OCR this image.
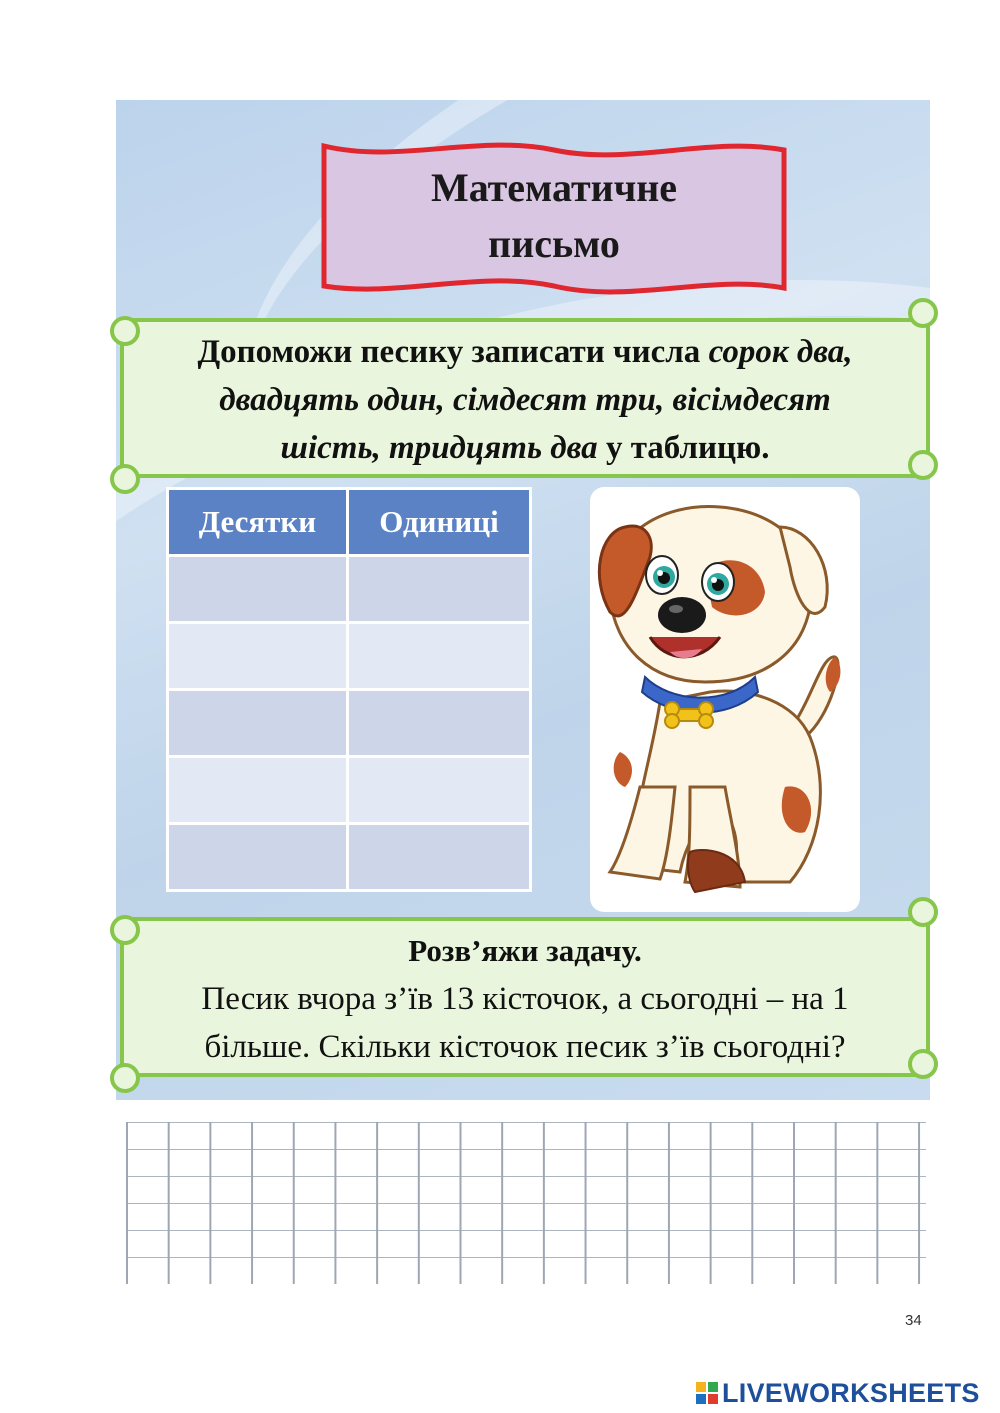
Математичне
письмо
Допоможи песику записати числа сорок два,
двадцять один, сімдесят три, вісімдесят
шість, тридцять два у таблицю.
Десятки	Одиниці

Розв’яжи задачу.
Песик вчора з’їв 13 кісточок, а сьогодні – на 1
більше. Скільки кісточок песик з’їв сьогодні?
34
LIVEWORKSHEETS
